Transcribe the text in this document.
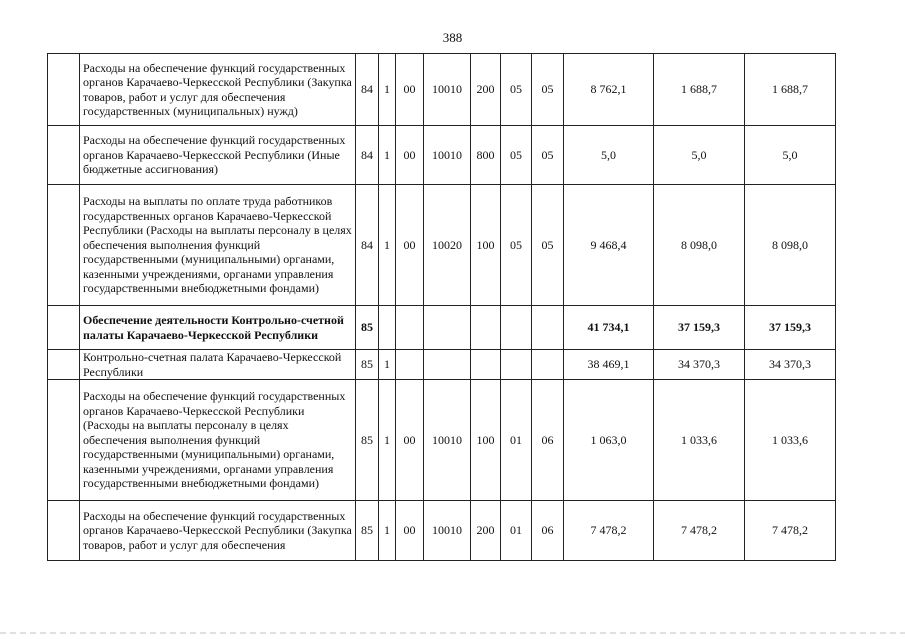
388
	Расходы на обеспечение функций государственных органов Карачаево-Черкесской Республики (Закупка товаров, работ и услуг для обеспечения государственных (муниципальных) нужд)	84	1	00	10010	200	05	05	8 762,1	1 688,7	1 688,7
	Расходы на обеспечение функций государственных органов Карачаево-Черкесской Республики (Иные бюджетные ассигнования)	84	1	00	10010	800	05	05	5,0	5,0	5,0
	Расходы на выплаты по оплате труда работников государственных органов Карачаево-Черкесской Республики (Расходы на выплаты персоналу в целях обеспечения выполнения функций государственными (муниципальными) органами, казенными учреждениями, органами управления государственными внебюджетными фондами)	84	1	00	10020	100	05	05	9 468,4	8 098,0	8 098,0
	Обеспечение деятельности Контрольно-счетной палаты Карачаево-Черкесской Республики	85							41 734,1	37 159,3	37 159,3
	Контрольно-счетная палата Карачаево-Черкесской Республики	85	1						38 469,1	34 370,3	34 370,3
	Расходы на обеспечение функций государственных органов Карачаево-Черкесской Республики (Расходы на выплаты персоналу в целях обеспечения выполнения функций государственными (муниципальными) органами, казенными учреждениями, органами управления государственными внебюджетными фондами)	85	1	00	10010	100	01	06	1 063,0	1 033,6	1 033,6
	Расходы на обеспечение функций государственных органов Карачаево-Черкесской Республики (Закупка товаров, работ и услуг для обеспечения	85	1	00	10010	200	01	06	7 478,2	7 478,2	7 478,2
